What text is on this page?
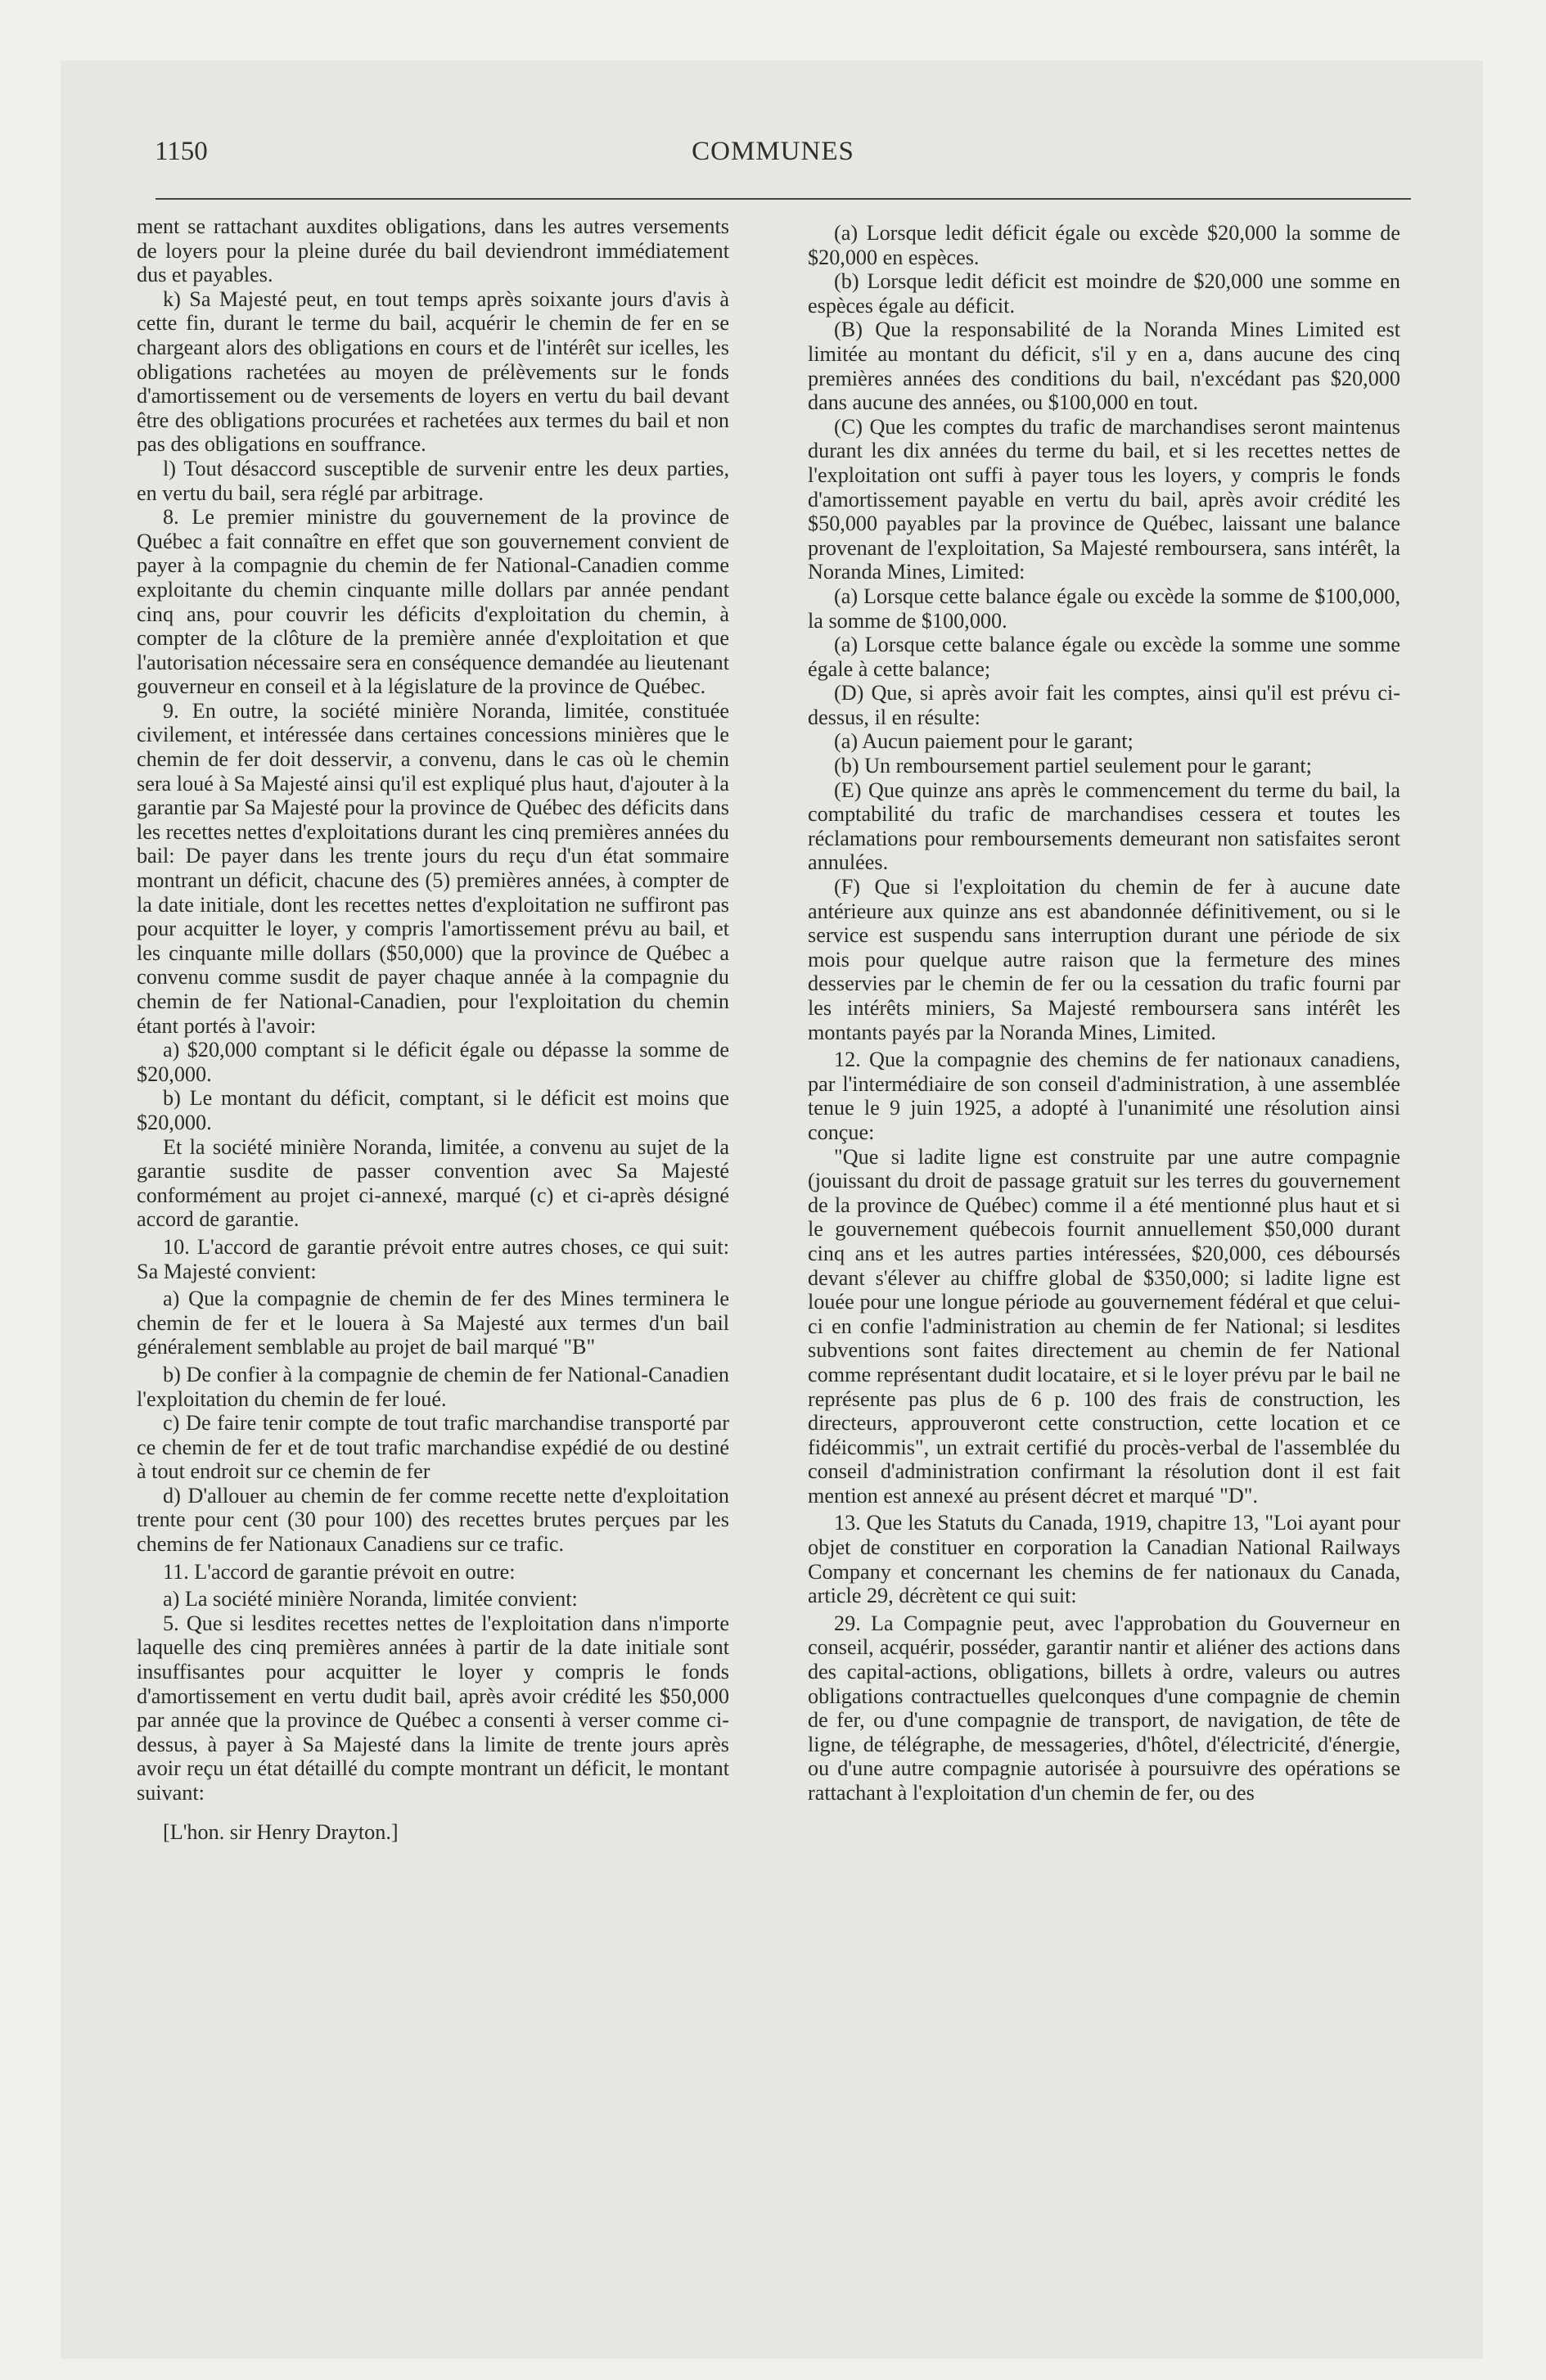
1150	COMMUNES

ment se rattachant auxdites obligations, dans les autres versements de loyers pour la pleine durée du bail deviendront immédiatement dus et payables.

k) Sa Majesté peut, en tout temps après soixante jours d'avis à cette fin, durant le terme du bail, acquérir le chemin de fer en se chargeant alors des obligations en cours et de l'intérêt sur icelles, les obligations rachetées au moyen de prélèvements sur le fonds d'amortissement ou de versements de loyers en vertu du bail devant être des obligations procurées et rachetées aux termes du bail et non pas des obligations en souffrance.

l) Tout désaccord susceptible de survenir entre les deux parties, en vertu du bail, sera réglé par arbitrage.

8. Le premier ministre du gouvernement de la province de Québec a fait connaître en effet que son gouvernement convient de payer à la compagnie du chemin de fer National-Canadien comme exploitante du chemin cinquante mille dollars par année pendant cinq ans, pour couvrir les déficits d'exploitation du chemin, à compter de la clôture de la première année d'exploitation et que l'autorisation nécessaire sera en conséquence demandée au lieutenant gouverneur en conseil et à la législature de la province de Québec.

9. En outre, la société minière Noranda, limitée, constituée civilement, et intéressée dans certaines concessions minières que le chemin de fer doit desservir, a convenu, dans le cas où le chemin sera loué à Sa Majesté ainsi qu'il est expliqué plus haut, d'ajouter à la garantie par Sa Majesté pour la province de Québec des déficits dans les recettes nettes d'exploitations durant les cinq premières années du bail: De payer dans les trente jours du reçu d'un état sommaire montrant un déficit, chacune des (5) premières années, à compter de la date initiale, dont les recettes nettes d'exploitation ne suffiront pas pour acquitter le loyer, y compris l'amortissement prévu au bail, et les cinquante mille dollars ($50,000) que la province de Québec a convenu comme susdit de payer chaque année à la compagnie du chemin de fer National-Canadien, pour l'exploitation du chemin étant portés à l'avoir:

a) $20,000 comptant si le déficit égale ou dépasse la somme de $20,000.

b) Le montant du déficit, comptant, si le déficit est moins que $20,000.

Et la société minière Noranda, limitée, a convenu au sujet de la garantie susdite de passer convention avec Sa Majesté conformément au projet ci-annexé, marqué (c) et ci-après désigné accord de garantie.

10. L'accord de garantie prévoit entre autres choses, ce qui suit: Sa Majesté convient:

a) Que la compagnie de chemin de fer des Mines terminera le chemin de fer et le louera à Sa Majesté aux termes d'un bail généralement semblable au projet de bail marqué "B"

b) De confier à la compagnie de chemin de fer National-Canadien l'exploitation du chemin de fer loué.

c) De faire tenir compte de tout trafic marchandise transporté par ce chemin de fer et de tout trafic marchandise expédié de ou destiné à tout endroit sur ce chemin de fer

d) D'allouer au chemin de fer comme recette nette d'exploitation trente pour cent (30 pour 100) des recettes brutes perçues par les chemins de fer Nationaux Canadiens sur ce trafic.

11. L'accord de garantie prévoit en outre:

a) La société minière Noranda, limitée convient:

5. Que si lesdites recettes nettes de l'exploitation dans n'importe laquelle des cinq premières années à partir de la date initiale sont insuffisantes pour acquitter le loyer y compris le fonds d'amortissement en vertu dudit bail, après avoir crédité les $50,000 par année que la province de Québec a consenti à verser comme ci-dessus, à payer à Sa Majesté dans la limite de trente jours après avoir reçu un état détaillé du compte montrant un déficit, le montant suivant:

[L'hon. sir Henry Drayton.]

(a) Lorsque ledit déficit égale ou excède $20,000 la somme de $20,000 en espèces.

(b) Lorsque ledit déficit est moindre de $20,000 une somme en espèces égale au déficit.

(B) Que la responsabilité de la Noranda Mines Limited est limitée au montant du déficit, s'il y en a, dans aucune des cinq premières années des conditions du bail, n'excédant pas $20,000 dans aucune des années, ou $100,000 en tout.

(C) Que les comptes du trafic de marchandises seront maintenus durant les dix années du terme du bail, et si les recettes nettes de l'exploitation ont suffi à payer tous les loyers, y compris le fonds d'amortissement payable en vertu du bail, après avoir crédité les $50,000 payables par la province de Québec, laissant une balance provenant de l'exploitation, Sa Majesté remboursera, sans intérêt, la Noranda Mines, Limited:

(a) Lorsque cette balance égale ou excède la somme de $100,000, la somme de $100,000.

(a) Lorsque cette balance égale ou excède la somme une somme égale à cette balance;

(D) Que, si après avoir fait les comptes, ainsi qu'il est prévu ci-dessus, il en résulte:

(a) Aucun paiement pour le garant;

(b) Un remboursement partiel seulement pour le garant;

(E) Que quinze ans après le commencement du terme du bail, la comptabilité du trafic de marchandises cessera et toutes les réclamations pour remboursements demeurant non satisfaites seront annulées.

(F) Que si l'exploitation du chemin de fer à aucune date antérieure aux quinze ans est abandonnée définitivement, ou si le service est suspendu sans interruption durant une période de six mois pour quelque autre raison que la fermeture des mines desservies par le chemin de fer ou la cessation du trafic fourni par les intérêts miniers, Sa Majesté remboursera sans intérêt les montants payés par la Noranda Mines, Limited.

12. Que la compagnie des chemins de fer nationaux canadiens, par l'intermédiaire de son conseil d'administration, à une assemblée tenue le 9 juin 1925, a adopté à l'unanimité une résolution ainsi conçue:

"Que si ladite ligne est construite par une autre compagnie (jouissant du droit de passage gratuit sur les terres du gouvernement de la province de Québec) comme il a été mentionné plus haut et si le gouvernement québecois fournit annuellement $50,000 durant cinq ans et les autres parties intéressées, $20,000, ces déboursés devant s'élever au chiffre global de $350,000; si ladite ligne est louée pour une longue période au gouvernement fédéral et que celui-ci en confie l'administration au chemin de fer National; si lesdites subventions sont faites directement au chemin de fer National comme représentant dudit locataire, et si le loyer prévu par le bail ne représente pas plus de 6 p. 100 des frais de construction, les directeurs, approuveront cette construction, cette location et ce fidéicommis", un extrait certifié du procès-verbal de l'assemblée du conseil d'administration confirmant la résolution dont il est fait mention est annexé au présent décret et marqué "D".

13. Que les Statuts du Canada, 1919, chapitre 13, "Loi ayant pour objet de constituer en corporation la Canadian National Railways Company et concernant les chemins de fer nationaux du Canada, article 29, décrètent ce qui suit:

29. La Compagnie peut, avec l'approbation du Gouverneur en conseil, acquérir, posséder, garantir nantir et aliéner des actions dans des capital-actions, obligations, billets à ordre, valeurs ou autres obligations contractuelles quelconques d'une compagnie de chemin de fer, ou d'une compagnie de transport, de navigation, de tête de ligne, de télégraphe, de messageries, d'hôtel, d'électricité, d'énergie, ou d'une autre compagnie autorisée à poursuivre des opérations se rattachant à l'exploitation d'un chemin de fer, ou des
